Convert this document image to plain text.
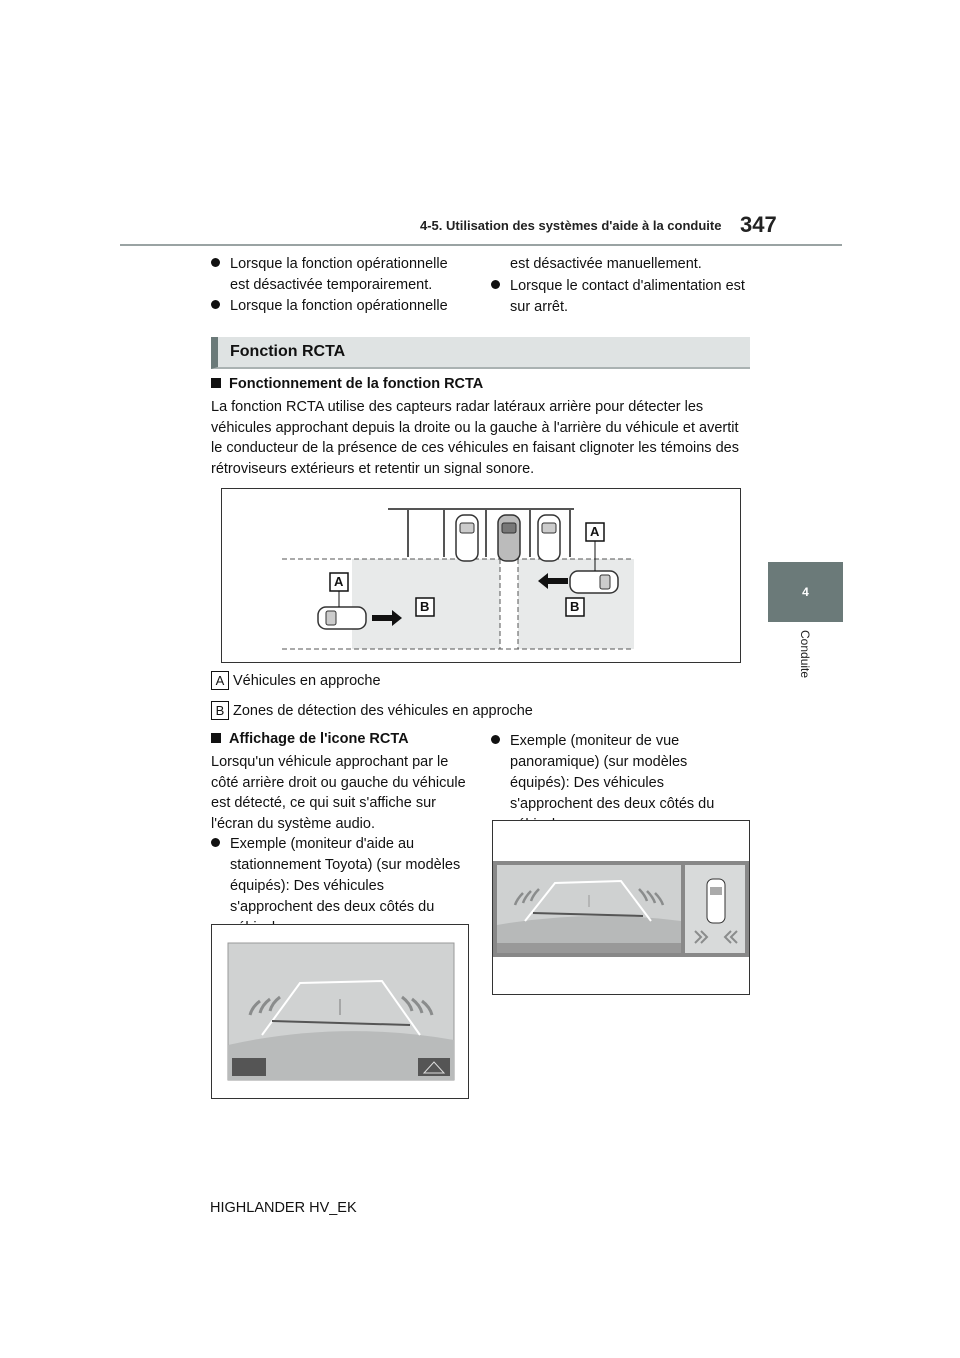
4-5. Utilisation des systèmes d'aide à la conduite 347
4
Conduite
Lorsque la fonction opérationnelle est désactivée temporairement.
Lorsque la fonction opérationnelle
est désactivée manuellement.
Lorsque le contact d'alimentation est sur arrêt.
Fonction RCTA
Fonctionnement de la fonction RCTA
La fonction RCTA utilise des capteurs radar latéraux arrière pour détecter les véhicules approchant depuis la droite ou la gauche à l'arrière du véhicule et avertit le conducteur de la présence de ces véhicules en faisant clignoter les témoins des rétroviseurs extérieurs et retentir un signal sonore.
A
A
B	B
A Véhicules en approche
B Zones de détection des véhicules en approche
Affichage de l'icone RCTA
Lorsqu'un véhicule approchant par le côté arrière droit ou gauche du véhicule est détecté, ce qui suit s'affiche sur l'écran du système audio.
Exemple (moniteur d'aide au stationnement Toyota) (sur modèles équipés): Des véhicules s'approchent des deux côtés du
Exemple (moniteur de vue panoramique) (sur modèles équipés): Des véhicules s'approchent des deux côtés du
HIGHLANDER HV_EK
